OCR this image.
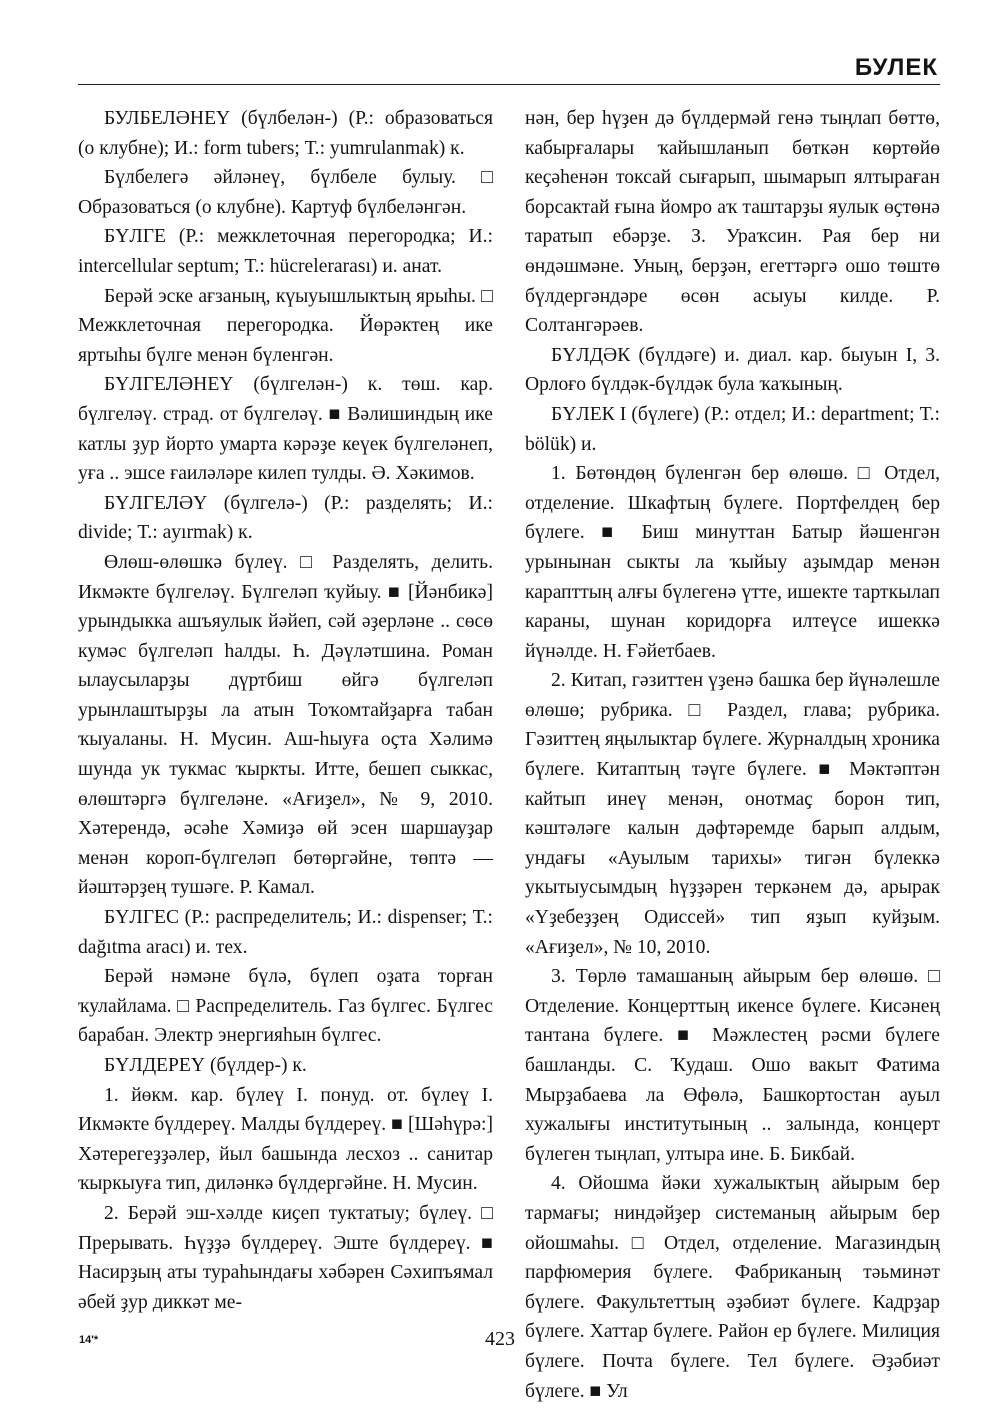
БУЛЕК

БУЛБЕЛƏНЕҮ (бүлбелəн-) (Р.: образоваться (о клубне); И.: form tubers; Т.: yumrulanmak) к.

Бүлбелегə əйлəнеү, бүлбеле булыу. □ Образоваться (о клубне). Картуф бүлбелəнгəн.

БҮЛГЕ (Р.: межклеточная перегородка; И.: intercellular septum; Т.: hücrelerarası) и. анат.

Берəй эске ағзаның, күыуышлыктың ярыһы. □ Межклеточная перегородка. Йөрəктең ике яртыһы бүлге менəн бүленгəн.

БҮЛГЕЛƏНЕҮ (бүлгелəн-) к. төш. кар. бүлгеләү. страд. от бүлгеләү. ■ Вəлишиндың ике катлы ҙур йорто умарта кəрəҙе кеүек бүлгелəнеп, уға .. эшсе ғаилəлəре килеп тулды. Ə. Хəкимов.

БҮЛГЕЛƏҮ (бүлгелə-) (Р.: разделять; И.: divide; Т.: ayırmak) к.

Өлөш-өлөшкə бүлеү. □ Разделять, делить. Икмəкте бүлгелəү. Бүлгелəп ҡуйыу. ■ [Йəнбикə] урындыкка ашъяулык йəйеп, сəй əҙерлəне .. сөсө кумəс бүлгелəп һалды. Һ. Дəүлəтшина. Роман ылаусыларҙы дүртбиш өйгə бүлгелəп урынлаштырҙы ла атын Тоҡомтайҙарға табан ҡыуаланы. Н. Мусин. Аш-һыуға оҫта Хəлимə шунда ук тукмас ҡыркты. Итте, бешеп сыккас, өлөштəргə бүлгелəне. «Ағиҙел», № 9, 2010. Хəтерендə, əсəһе Хəмиҙə өй эсен шаршауҙар менəн короп-бүлгелəп бөтөргəйне, төптə — йəштəрҙең тушəге. Р. Камал.

БҮЛГЕС (Р.: распределитель; И.: dispenser; Т.: dağıtma aracı) и. тех.

Берəй нəмəне бүлə, бүлеп оҙата торған ҡулайлама. □ Распределитель. Газ бүлгес. Бүлгес барабан. Электр энергияһын бүлгес.

БҮЛДЕРЕҮ (бүлдер-) к.

1. йөкм. кар. бүлеү I. понуд. от. бүлеү I. Икмəкте бүлдереү. Малды бүлдереү. ■ [Шəһүрə:] Хəтерегеҙҙəлер, йыл башында лесхоз .. санитар ҡыркыуға тип, дилəнкə бүлдергəйне. Н. Мусин.

2. Берəй эш-хəлде киҫеп туктатыу; бүлеү. □ Прерывать. Һүҙҙə бүлдереү. Эште бүлдереү. ■ Насирҙың аты тураһындағы хəбəрен Сəхипъямал əбей ҙур диккəт ме-

нəн, бер һүҙен дə бүлдермəй генə тыңлап бөттө, кабырғалары ҡайышланып бөткəн көртөйө кеҫəһенəн токсай сығарып, шымарып ялтыраған борсактай ғына йомро аҡ таштарҙы яулык өҫтөнə таратып ебəрҙе. З. Ураҡсин. Рая бер ни өндəшмəне. Уның, берҙəн, егеттəргə ошо төштө бүлдергəндəре өсөн асыуы килде. Р. Солтангəрəев.

БҮЛДƏК (бүлдəге) и. диал. кар. быуын I, 3. Орлоғо бүлдəк-бүлдəк була ҡаҡының.

БҮЛЕК I (бүлеге) (Р.: отдел; И.: department; Т.: bölük) и.

1. Бөтөндөң бүленгəн бер өлөшө. □ Отдел, отделение. Шкафтың бүлеге. Портфелдең бер бүлеге. ■ Биш минуттан Батыр йəшенгəн урынынан сыкты ла ҡыйыу аҙымдар менəн карапттың алғы бүлегенə үтте, ишекте тарткылап караны, шунан коридорға илтеүсе ишеккə йүнəлде. Н. Ғəйетбаев.

2. Китап, гəзиттен үҙенə башка бер йүнəлешле өлөшө; рубрика. □ Раздел, глава; рубрика. Гəзиттең яңылыктар бүлеге. Журналдың хроника бүлеге. Китаптың тəүге бүлеге. ■ Мəктəптəн кайтып инеү менəн, онотмаҫ борон тип, кəштəлəге калын дəфтəремде барып алдым, ундағы «Ауылым тарихы» тигəн бүлеккə укытыусымдың һүҙҙəрен теркəнем дə, арырак «Үҙебеҙҙең Одиссей» тип яҙып куйҙым. «Ағиҙел», № 10, 2010.

3. Төрлө тамашаның айырым бер өлөшө. □ Отделение. Концерттың икенсе бүлеге. Кисəнең тантана бүлеге. ■ Мəжлестең рəсми бүлеге башланды. С. Ҡудаш. Ошо вакыт Фатима Мырҙабаева ла Өфөлə, Башкортостан ауыл хужалығы институтының .. залында, концерт бүлеген тыңлап, ултыра ине. Б. Бикбай.

4. Ойошма йəки хужалыктың айырым бер тармағы; ниндəйҙер системаның айырым бер ойошмаһы. □ Отдел, отделение. Магазиндың парфюмерия бүлеге. Фабриканың тəьминəт бүлеге. Факультеттың əҙəбиəт бүлеге. Кадрҙар бүлеге. Хаттар бүлеге. Район ер бүлеге. Милиция бүлеге. Почта бүлеге. Тел бүлеге. Əҙəбиəт бүлеге. ■ Ул

14'*	423
